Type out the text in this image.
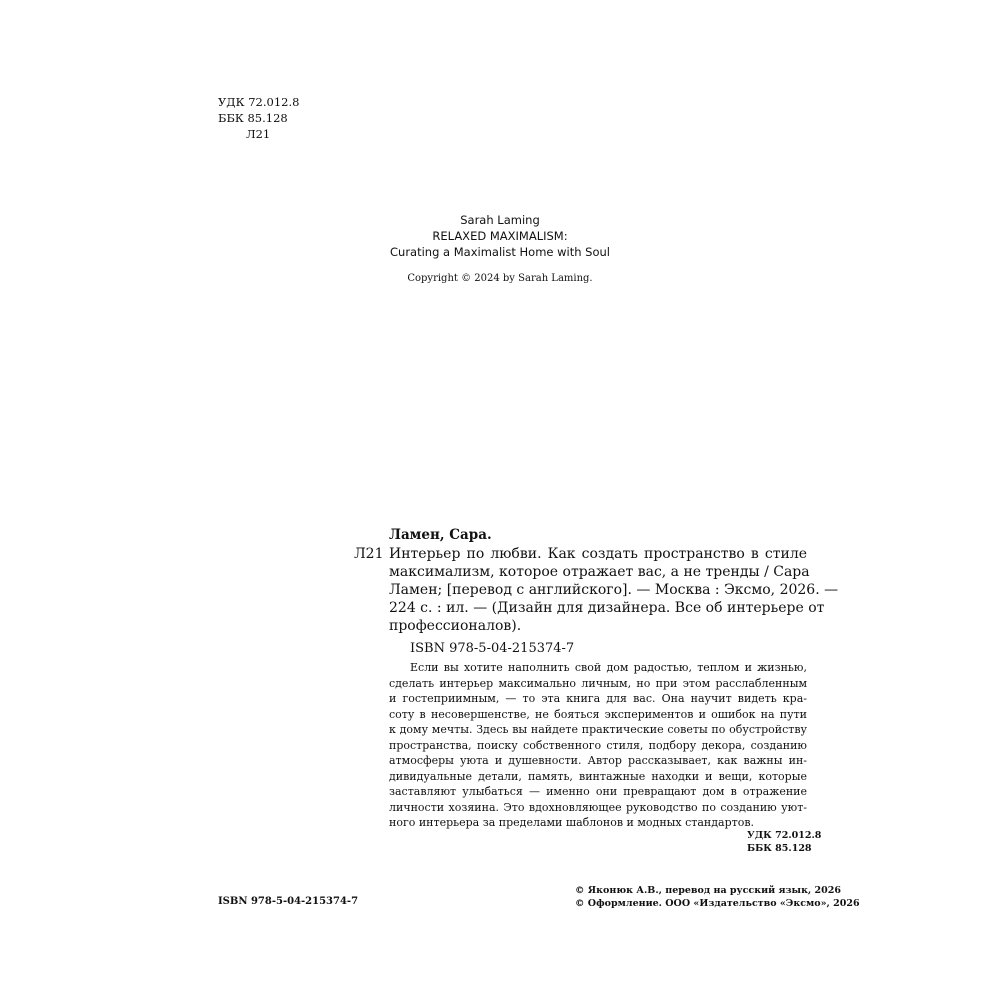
УДК 72.012.8
ББК 85.128
Л21
Sarah Laming
RELAXED MAXIMALISM:
Curating a Maximalist Home with Soul
Copyright © 2024 by Sarah Laming.
Ламен, Сара.
Л21 Интерьер по любви. Как создать пространство в стиле
максимализм, которое отражает вас, а не тренды / Сара
Ламен; [перевод с английского]. — Москва : Эксмо, 2026. —
224 с. : ил. — (Дизайн для дизайнера. Все об интерьере от
профессионалов).
ISBN 978-5-04-215374-7
Если вы хотите наполнить свой дом радостью, теплом и жизнью,
сделать интерьер максимально личным, но при этом расслабленным
и гостеприимным, — то эта книга для вас. Она научит видеть кра-
соту в несовершенстве, не бояться экспериментов и ошибок на пути
к дому мечты. Здесь вы найдете практические советы по обустройству
пространства, поиску собственного стиля, подбору декора, созданию
атмосферы уюта и душевности. Автор рассказывает, как важны ин-
дивидуальные детали, память, винтажные находки и вещи, которые
заставляют улыбаться — именно они превращают дом в отражение
личности хозяина. Это вдохновляющее руководство по созданию уют-
ного интерьера за пределами шаблонов и модных стандартов.
УДК 72.012.8
ББК 85.128
ISBN 978-5-04-215374-7
© Яконюк А.В., перевод на русский язык, 2026
© Оформление. ООО «Издательство «Эксмо», 2026
